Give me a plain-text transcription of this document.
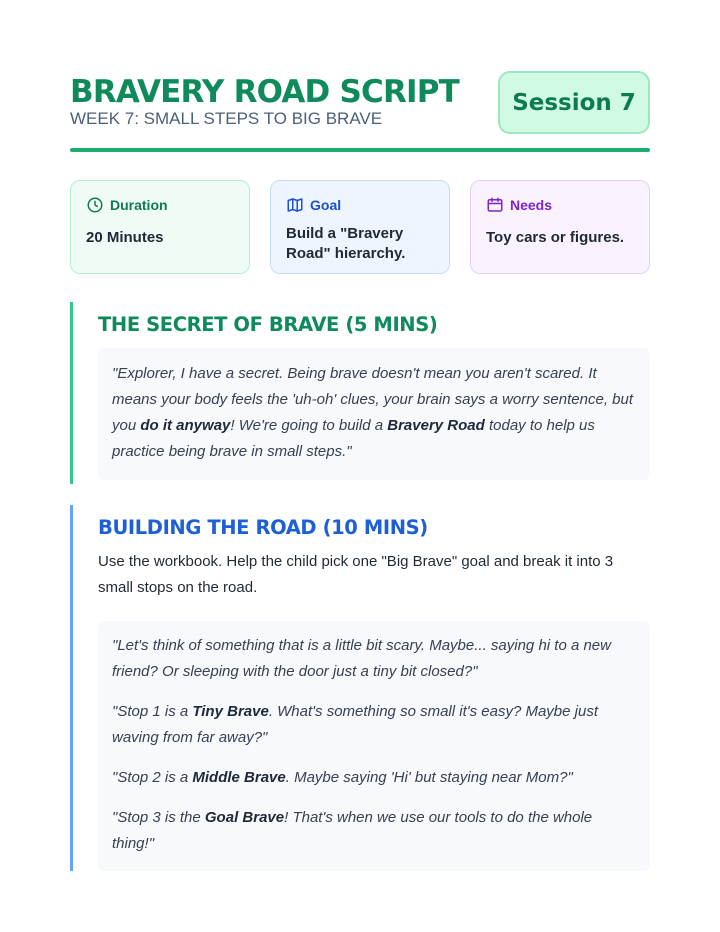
BRAVERY ROAD SCRIPT
WEEK 7: SMALL STEPS TO BIG BRAVE
Session 7
Duration
20 Minutes
Goal
Build a "Bravery Road" hierarchy.
Needs
Toy cars or figures.
THE SECRET OF BRAVE (5 MINS)
"Explorer, I have a secret. Being brave doesn't mean you aren't scared. It means your body feels the 'uh-oh' clues, your brain says a worry sentence, but you do it anyway! We're going to build a Bravery Road today to help us practice being brave in small steps."
BUILDING THE ROAD (10 MINS)
Use the workbook. Help the child pick one "Big Brave" goal and break it into 3 small stops on the road.

"Let's think of something that is a little bit scary. Maybe... saying hi to a new friend? Or sleeping with the door just a tiny bit closed?"

"Stop 1 is a Tiny Brave. What's something so small it's easy? Maybe just waving from far away?"

"Stop 2 is a Middle Brave. Maybe saying 'Hi' but staying near Mom?"

"Stop 3 is the Goal Brave! That's when we use our tools to do the whole thing!"
